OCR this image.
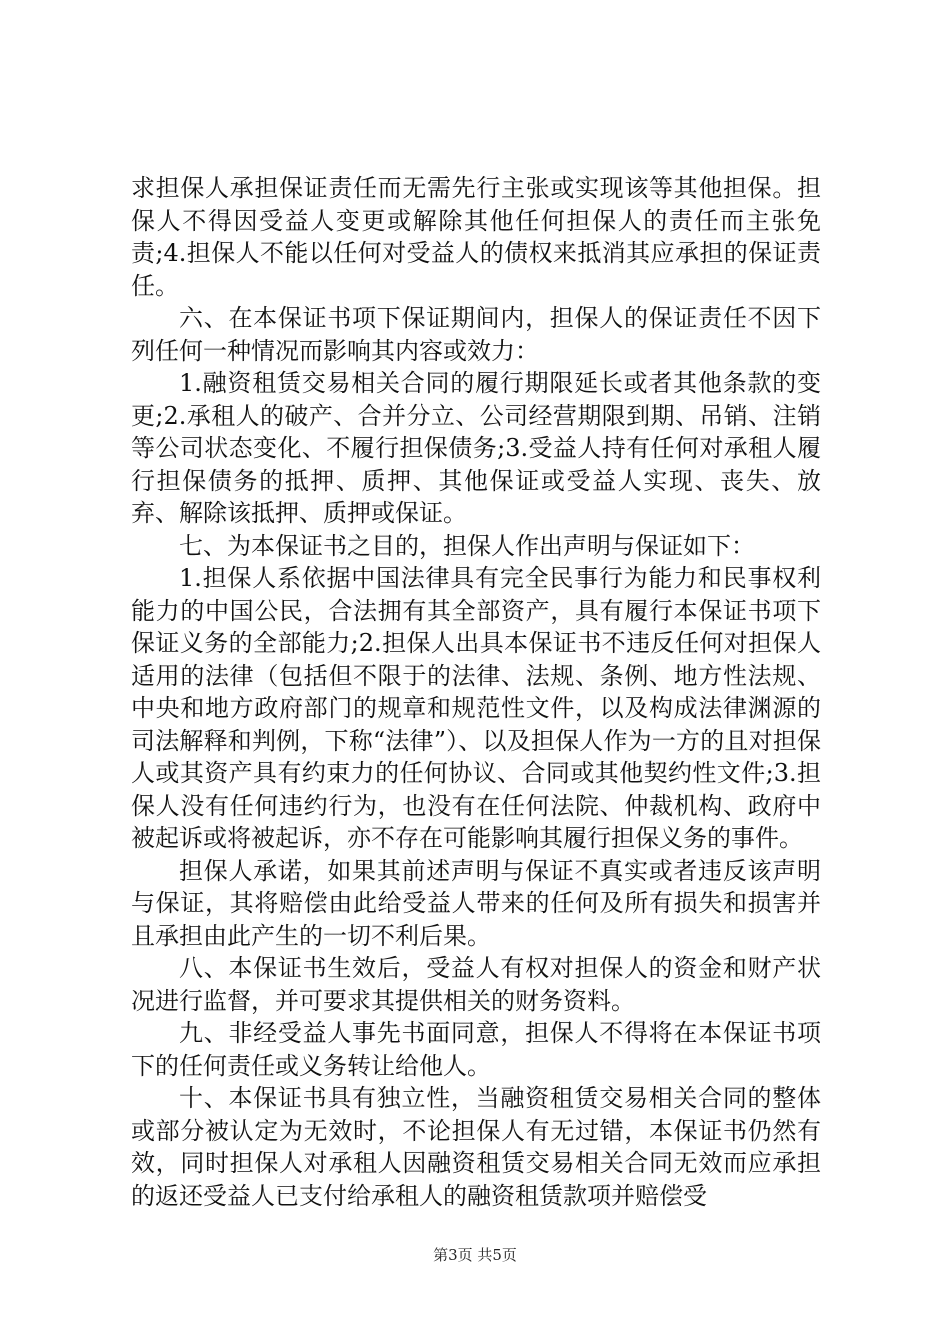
求担保人承担保证责任而无需先行主张或实现该等其他担保。担保人不得因受益人变更或解除其他任何担保人的责任而主张免责;4.担保人不能以任何对受益人的债权来抵消其应承担的保证责任。

六、在本保证书项下保证期间内，担保人的保证责任不因下列任何一种情况而影响其内容或效力：

1.融资租赁交易相关合同的履行期限延长或者其他条款的变更;2.承租人的破产、合并分立、公司经营期限到期、吊销、注销等公司状态变化、不履行担保债务;3.受益人持有任何对承租人履行担保债务的抵押、质押、其他保证或受益人实现、丧失、放弃、解除该抵押、质押或保证。

七、为本保证书之目的，担保人作出声明与保证如下：

1.担保人系依据中国法律具有完全民事行为能力和民事权利能力的中国公民，合法拥有其全部资产，具有履行本保证书项下保证义务的全部能力;2.担保人出具本保证书不违反任何对担保人适用的法律（包括但不限于的法律、法规、条例、地方性法规、中央和地方政府部门的规章和规范性文件，以及构成法律渊源的司法解释和判例，下称“法律”）、以及担保人作为一方的且对担保人或其资产具有约束力的任何协议、合同或其他契约性文件;3.担保人没有任何违约行为，也没有在任何法院、仲裁机构、政府中被起诉或将被起诉，亦不存在可能影响其履行担保义务的事件。

担保人承诺，如果其前述声明与保证不真实或者违反该声明与保证，其将赔偿由此给受益人带来的任何及所有损失和损害并且承担由此产生的一切不利后果。

八、本保证书生效后，受益人有权对担保人的资金和财产状况进行监督，并可要求其提供相关的财务资料。

九、非经受益人事先书面同意，担保人不得将在本保证书项下的任何责任或义务转让给他人。

十、本保证书具有独立性，当融资租赁交易相关合同的整体或部分被认定为无效时，不论担保人有无过错，本保证书仍然有效，同时担保人对承租人因融资租赁交易相关合同无效而应承担的返还受益人已支付给承租人的融资租赁款项并赔偿受

第3页 共5页
